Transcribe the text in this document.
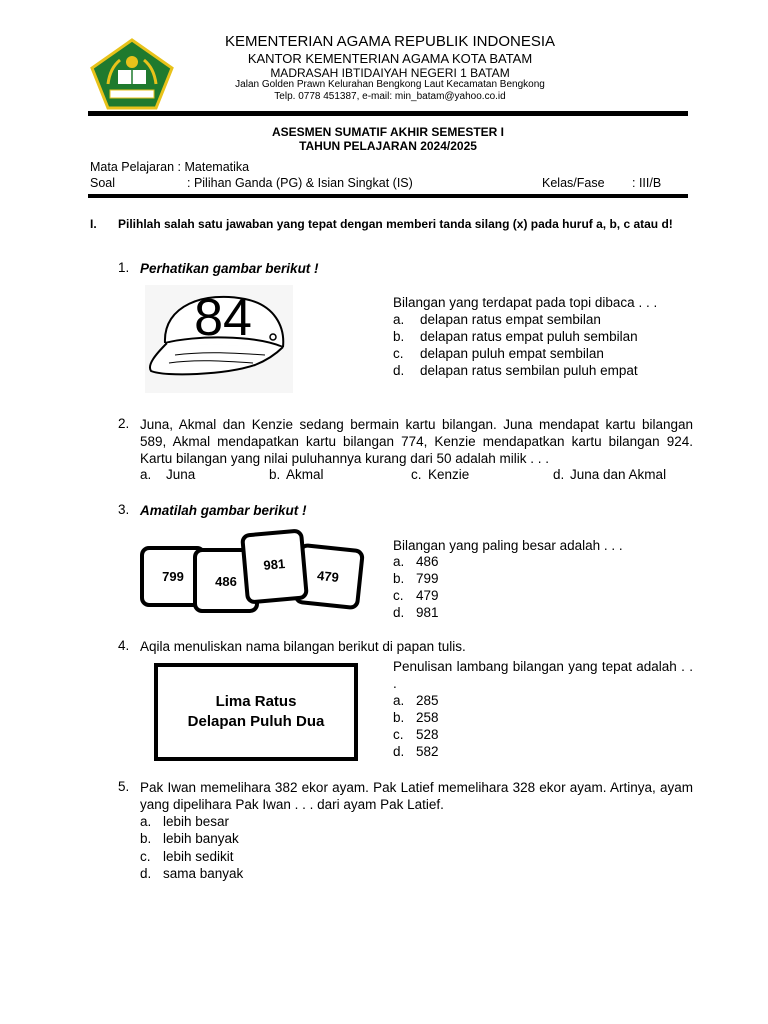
KEMENTERIAN AGAMA REPUBLIK INDONESIA
KANTOR KEMENTERIAN AGAMA KOTA BATAM
MADRASAH IBTIDAIYAH NEGERI 1 BATAM
Jalan Golden Prawn Kelurahan Bengkong Laut Kecamatan Bengkong
Telp. 0778 451387, e-mail: min_batam@yahoo.co.id
ASESMEN SUMATIF AKHIR SEMESTER I
TAHUN PELAJARAN 2024/2025
Mata Pelajaran : Matematika
Soal	: Pilihan Ganda (PG) & Isian Singkat (IS)	Kelas/Fase : III/B
I. Pilihlah salah satu jawaban yang tepat dengan memberi tanda silang (x) pada huruf a, b, c atau d!
1. Perhatikan gambar berikut !
84	Bilangan yang terdapat pada topi dibaca . . .
a. delapan ratus empat sembilan
b. delapan ratus empat puluh sembilan
c. delapan puluh empat sembilan
d. delapan ratus sembilan puluh empat
2. Juna, Akmal dan Kenzie sedang bermain kartu bilangan. Juna mendapat kartu bilangan 589, Akmal mendapatkan kartu bilangan 774, Kenzie mendapatkan kartu bilangan 924. Kartu bilangan yang nilai puluhannya kurang dari 50 adalah milik . . .
a. Juna	b. Akmal	c. Kenzie	d. Juna dan Akmal
3. Amatilah gambar berikut !
799	479
486
981
Bilangan yang paling besar adalah . . .
a. 486
b. 799
c. 479
d. 981
4. Aqila menuliskan nama bilangan berikut di papan tulis.
Lima Ratus
Delapan Puluh Dua
Penulisan lambang bilangan yang tepat adalah . . .
a. 285
b. 258
c. 528
d. 582
5. Pak Iwan memelihara 382 ekor ayam. Pak Latief memelihara 328 ekor ayam. Artinya, ayam yang dipelihara Pak Iwan . . . dari ayam Pak Latief.
a. lebih besar
b. lebih banyak
c. lebih sedikit
d. sama banyak
